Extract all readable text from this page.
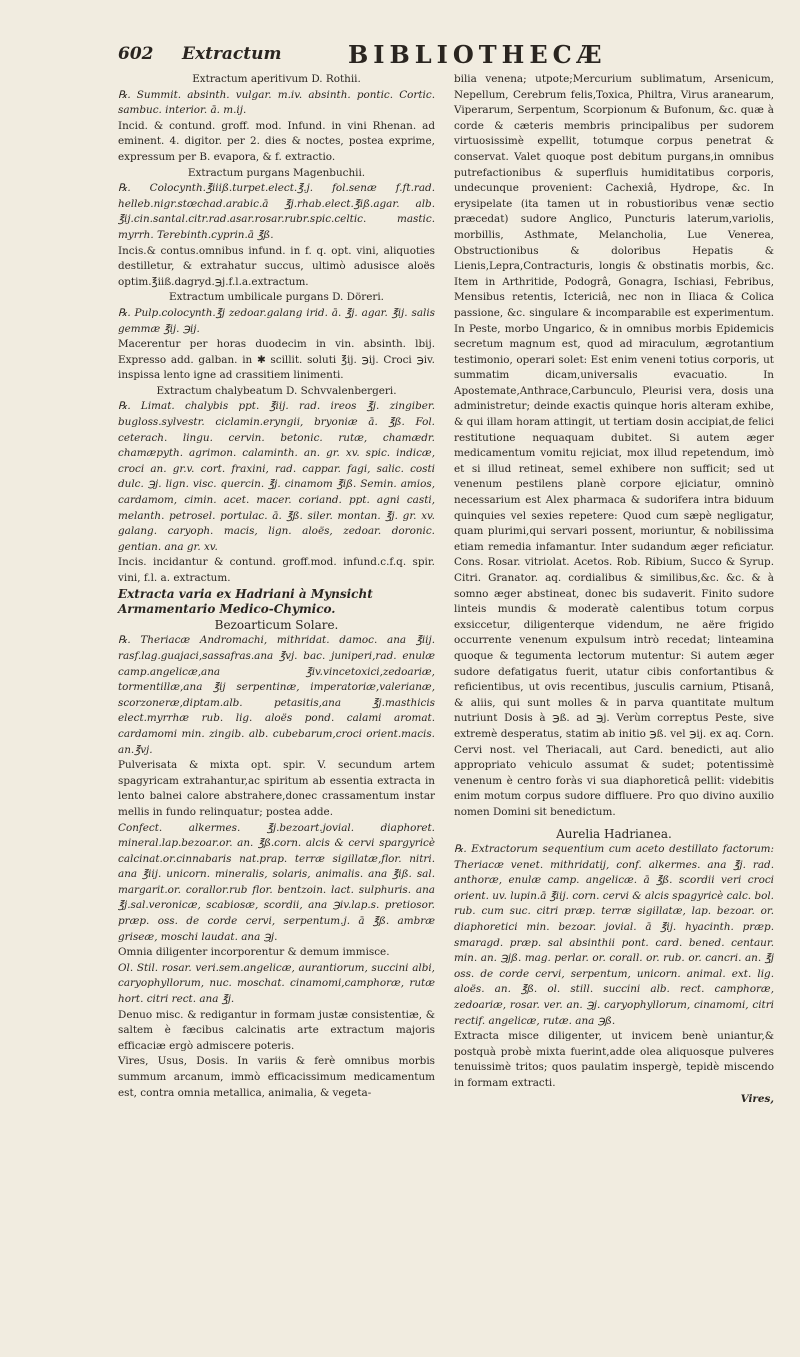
602 Extractum	BIBLIOTHECÆ

Extractum aperitivum D. Rothii.

℞. Summit. absinth. vulgar. m.iv. absinth. pontic. Cortic. sambuc. interior. ā. m.ij.

Incid. & contund. groff. mod. Infund. in vini Rhenan. ad eminent. 4. digitor. per 2. dies & noctes, postea exprime, expressum per B. evapora, & f. extractio.

Extractum purgans Magenbuchii.

℞. Colocynth.℥iiiß.turpet.elect.℥.j. fol.senæ f.ft.rad. helleb.nigr.stœchad.arabic.ā ℥j.rhab.elect.℥iß.agar. alb. ℥ij.cin.santal.citr.rad.asar.rosar.rubr.spic.celtic. mastic. myrrh. Terebinth.cyprin.ā ℥ß.

Incis.& contus.omnibus infund. in f. q. opt. vini, aliquoties destilletur, & extrahatur succus, ultimò adusisce aloës optim.℥iiß.dagryd.℈j.f.l.a.extractum.

Extractum umbilicale purgans D. Döreri.

℞. Pulp.colocynth.℥j zedoar.galang irid. ā. ℥j. agar. ℥ij. salis gemmæ ℥ij. ℈ij.

Macerentur per horas duodecim in vin. absinth. lbij. Expresso add. galban. in ✱ scillit. soluti ℥ij. ℈ij. Croci ℈iv. inspissa lento igne ad crassitiem linimenti.

Extractum chalybeatum D. Schvvalenbergeri.

℞. Limat. chalybis ppt. ℥iij. rad. ireos ℥j. zingiber. bugloss.sylvestr. ciclamin.eryngii, bryoniæ ā. ℥ß. Fol. ceterach. lingu. cervin. betonic. rutæ, chamædr. chamæpyth. agrimon. calaminth. an. gr. xv. spic. indicæ, croci an. gr.v. cort. fraxini, rad. cappar. fagi, salic. costi dulc. ℈j. lign. visc. quercin. ℥j. cinamom ℥iß. Semin. amios, cardamom, cimin. acet. macer. coriand. ppt. agni casti, melanth. petrosel. portulac. ā. ℥ß. siler. montan. ℥j. gr. xv. galang. caryoph. macis, lign. aloës, zedoar. doronic. gentian. ana gr. xv.

Incis. incidantur & contund. groff.mod. infund.c.f.q. spir. vini, f.l. a. extractum.

Extracta varia ex Hadriani à Mynsicht Armamentario Medico-Chymico.

Bezoarticum Solare.

℞. Theriacæ Andromachi, mithridat. damoc. ana ℥iij. rasf.lag.guajaci,sassafras.ana ℥vj. bac. juniperi,rad. enulæ camp.angelicæ,ana ℥iv.vincetoxici,zedoariæ, tormentillæ,ana ℥ij serpentinæ, imperatoriæ,valerianæ, scorzoneræ,diptam.alb. petasitis,ana ℥j.masthicis elect.myrrhæ rub. lig. aloës pond. calami aromat. cardamomi min. zingib. alb. cubebarum,croci orient.macis. an.℥vj.

Pulverisata & mixta opt. spir. V. secundum artem spagyricam extrahantur,ac spiritum ab essentia extracta in lento balnei calore abstrahere,donec crassamentum instar mellis in fundo relinquatur; postea adde.

Confect. alkermes. ℥j.bezoart.jovial. diaphoret. mineral.lap.bezoar.or. an. ℥ß.corn. alcis & cervi spargyricè calcinat.or.cinnabaris nat.prap. terræ sigillatæ,flor. nitri. ana ℥iij. unicorn. mineralis, solaris, animalis. ana ℥iß. sal. margarit.or. corallor.rub flor. bentzoin. lact. sulphuris. ana ℥j.sal.veronicæ, scabiosæ, scordii, ana ℈iv.lap.s. pretiosor. præp. oss. de corde cervi, serpentum.j. ā ℥ß. ambræ griseæ, moschi laudat. ana ℈j.

Omnia diligenter incorporentur & demum immisce.

Ol. Stil. rosar. veri.sem.angelicæ, aurantiorum, succini albi, caryophyllorum, nuc. moschat. cinamomi,camphoræ, rutæ hort. citri rect. ana ℥j.

Denuo misc. & redigantur in formam justæ consistentiæ, & saltem è fæcibus calcinatis arte extractum majoris efficaciæ ergò admiscere poteris.

Vires, Usus, Dosis. In variis & ferè omnibus morbis summum arcanum, immò efficacissimum medicamentum est, contra omnia metallica, animalia, & vegeta-

bilia venena; utpote;Mercurium sublimatum, Arsenicum, Nepellum, Cerebrum felis,Toxica, Philtra, Virus aranearum, Viperarum, Serpentum, Scorpionum & Bufonum, &c. quæ à corde & cæteris membris principalibus per sudorem virtuosissimè expellit, totumque corpus penetrat & conservat. Valet quoque post debitum purgans,in omnibus putrefactionibus & superfluis humiditatibus corporis, undecunque provenient: Cachexiâ, Hydrope, &c. In erysipelate (ita tamen ut in robustioribus venæ sectio præcedat) sudore Anglico, Puncturis laterum,variolis, morbillis, Asthmate, Melancholia, Lue Venerea, Obstructionibus & doloribus Hepatis & Lienis,Lepra,Contracturis, longis & obstinatis morbis, &c. Item in Arthritide, Podogrâ, Gonagra, Ischiasi, Febribus, Mensibus retentis, Ictericiâ, nec non in Iliaca & Colica passione, &c. singulare & incomparabile est experimentum. In Peste, morbo Ungarico, & in omnibus morbis Epidemicis secretum magnum est, quod ad miraculum, ægrotantium testimonio, operari solet: Est enim veneni totius corporis, ut summatim dicam,universalis evacuatio. In Apostemate,Anthrace,Carbunculo, Pleurisi vera, dosis una administretur; deinde exactis quinque horis alteram exhibe, & qui illam horam attingit, ut tertiam dosin accipiat,de felici restitutione nequaquam dubitet. Si autem æger medicamentum vomitu rejiciat, mox illud repetendum, imò et si illud retineat, semel exhibere non sufficit; sed ut venenum pestilens planè corpore ejiciatur, omninò necessarium est Alex pharmaca & sudorifera intra biduum quinquies vel sexies repetere: Quod cum sæpè negligatur, quam plurimi,qui servari possent, moriuntur, & nobilissima etiam remedia infamantur. Inter sudandum æger reficiatur. Cons. Rosar. vitriolat. Acetos. Rob. Ribium, Succo & Syrup. Citri. Granator. aq. cordialibus & similibus,&c. &c. & à somno æger abstineat, donec bis sudaverit. Finito sudore linteis mundis & moderatè calentibus totum corpus exsiccetur, diligenterque videndum, ne aëre frigido occurrente venenum expulsum intrò recedat; linteamina quoque & tegumenta lectorum mutentur: Si autem æger sudore defatigatus fuerit, utatur cibis confortantibus & reficientibus, ut ovis recentibus, jusculis carnium, Ptisanâ, & aliis, qui sunt molles & in parva quantitate multum nutriunt Dosis à ℈ß. ad ℈j. Verùm correptus Peste, sive extremè desperatus, statim ab initio ℈ß. vel ℈ij. ex aq. Corn. Cervi nost. vel Theriacali, aut Card. benedicti, aut alio appropriato vehiculo assumat & sudet; potentissimè venenum è centro foràs vi sua diaphoreticâ pellit: videbitis enim motum corpus sudore diffluere. Pro quo divino auxilio nomen Domini sit benedictum.

Aurelia Hadrianea.

℞. Extractorum sequentium cum aceto destillato factorum: Theriacæ venet. mithridatij, conf. alkermes. ana ℥j. rad. anthoræ, enulæ camp. angelicæ. ā ℥ß. scordii veri croci orient. uv. lupin.ā ℥iij. corn. cervi & alcis spagyricè calc. bol. rub. cum suc. citri præp. terræ sigillatæ, lap. bezoar. or. diaphoretici min. bezoar. jovial. ā ℥ij. hyacinth. præp. smaragd. præp. sal absinthii pont. card. bened. centaur. min. an. ℈jß. mag. perlar. or. corall. or. rub. or. cancri. an. ℥j oss. de corde cervi, serpentum, unicorn. animal. ext. lig. aloës. an. ℥ß. ol. still. succini alb. rect. camphoræ, zedoariæ, rosar. ver. an. ℈j. caryophyllorum, cinamomi, citri rectif. angelicæ, rutæ. ana ℈ß.

Extracta misce diligenter, ut invicem benè uniantur,& postquà probè mixta fuerint,adde olea aliquosque pulveres tenuissimè tritos; quos paulatim inspergè, tepidè miscendo in formam extracti.

Vires,
